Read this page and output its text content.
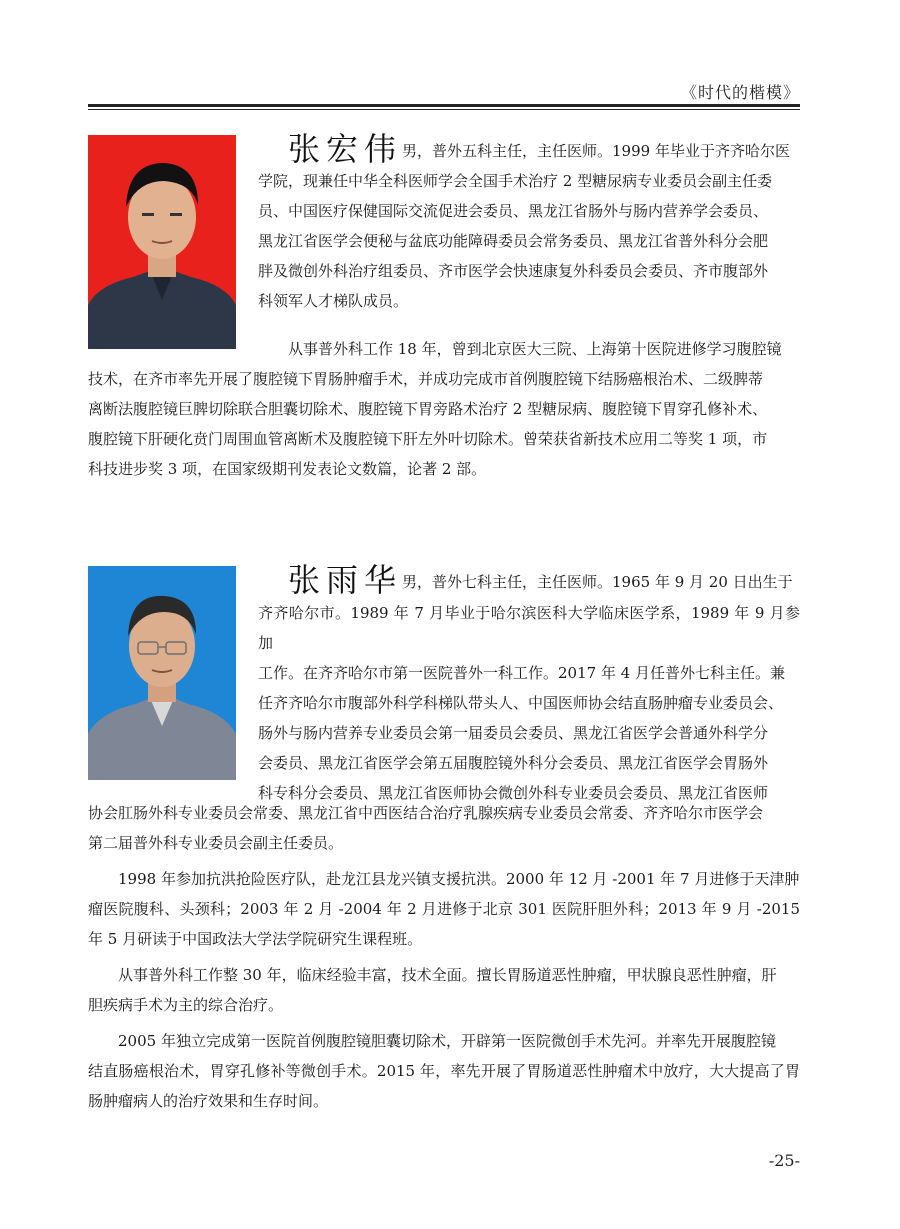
《时代的楷模》
张宏伟 男，普外五科主任，主任医师。1999 年毕业于齐齐哈尔医

学院，现兼任中华全科医师学会全国手术治疗 2 型糖尿病专业委员会副主任委

员、中国医疗保健国际交流促进会委员、黑龙江省肠外与肠内营养学会委员、

黑龙江省医学会便秘与盆底功能障碍委员会常务委员、黑龙江省普外科分会肥

胖及微创外科治疗组委员、齐市医学会快速康复外科委员会委员、齐市腹部外

科领军人才梯队成员。

从事普外科工作 18 年，曾到北京医大三院、上海第十医院进修学习腹腔镜

技术，在齐市率先开展了腹腔镜下胃肠肿瘤手术，并成功完成市首例腹腔镜下结肠癌根治术、二级脾蒂

离断法腹腔镜巨脾切除联合胆囊切除术、腹腔镜下胃旁路术治疗 2 型糖尿病、腹腔镜下胃穿孔修补术、

腹腔镜下肝硬化贲门周围血管离断术及腹腔镜下肝左外叶切除术。曾荣获省新技术应用二等奖 1 项，市

科技进步奖 3 项，在国家级期刊发表论文数篇，论著 2 部。

张雨华 男，普外七科主任，主任医师。1965 年 9 月 20 日出生于

齐齐哈尔市。1989 年 7 月毕业于哈尔滨医科大学临床医学系，1989 年 9 月参加

工作。在齐齐哈尔市第一医院普外一科工作。2017 年 4 月任普外七科主任。兼

任齐齐哈尔市腹部外科学科梯队带头人、中国医师协会结直肠肿瘤专业委员会、

肠外与肠内营养专业委员会第一届委员会委员、黑龙江省医学会普通外科学分

会委员、黑龙江省医学会第五届腹腔镜外科分会委员、黑龙江省医学会胃肠外

科专科分会委员、黑龙江省医师协会微创外科专业委员会委员、黑龙江省医师

协会肛肠外科专业委员会常委、黑龙江省中西医结合治疗乳腺疾病专业委员会常委、齐齐哈尔市医学会

第二届普外科专业委员会副主任委员。

1998 年参加抗洪抢险医疗队，赴龙江县龙兴镇支援抗洪。2000 年 12 月 -2001 年 7 月进修于天津肿

瘤医院腹科、头颈科；2003 年 2 月 -2004 年 2 月进修于北京 301 医院肝胆外科；2013 年 9 月 -2015 年 5 月研读于中国政法大学法学院研究生课程班。

从事普外科工作整 30 年，临床经验丰富，技术全面。擅长胃肠道恶性肿瘤，甲状腺良恶性肿瘤，肝

胆疾病手术为主的综合治疗。

2005 年独立完成第一医院首例腹腔镜胆囊切除术，开辟第一医院微创手术先河。并率先开展腹腔镜

结直肠癌根治术，胃穿孔修补等微创手术。2015 年，率先开展了胃肠道恶性肿瘤术中放疗，大大提高了胃肠肿瘤病人的治疗效果和生存时间。

-25-
